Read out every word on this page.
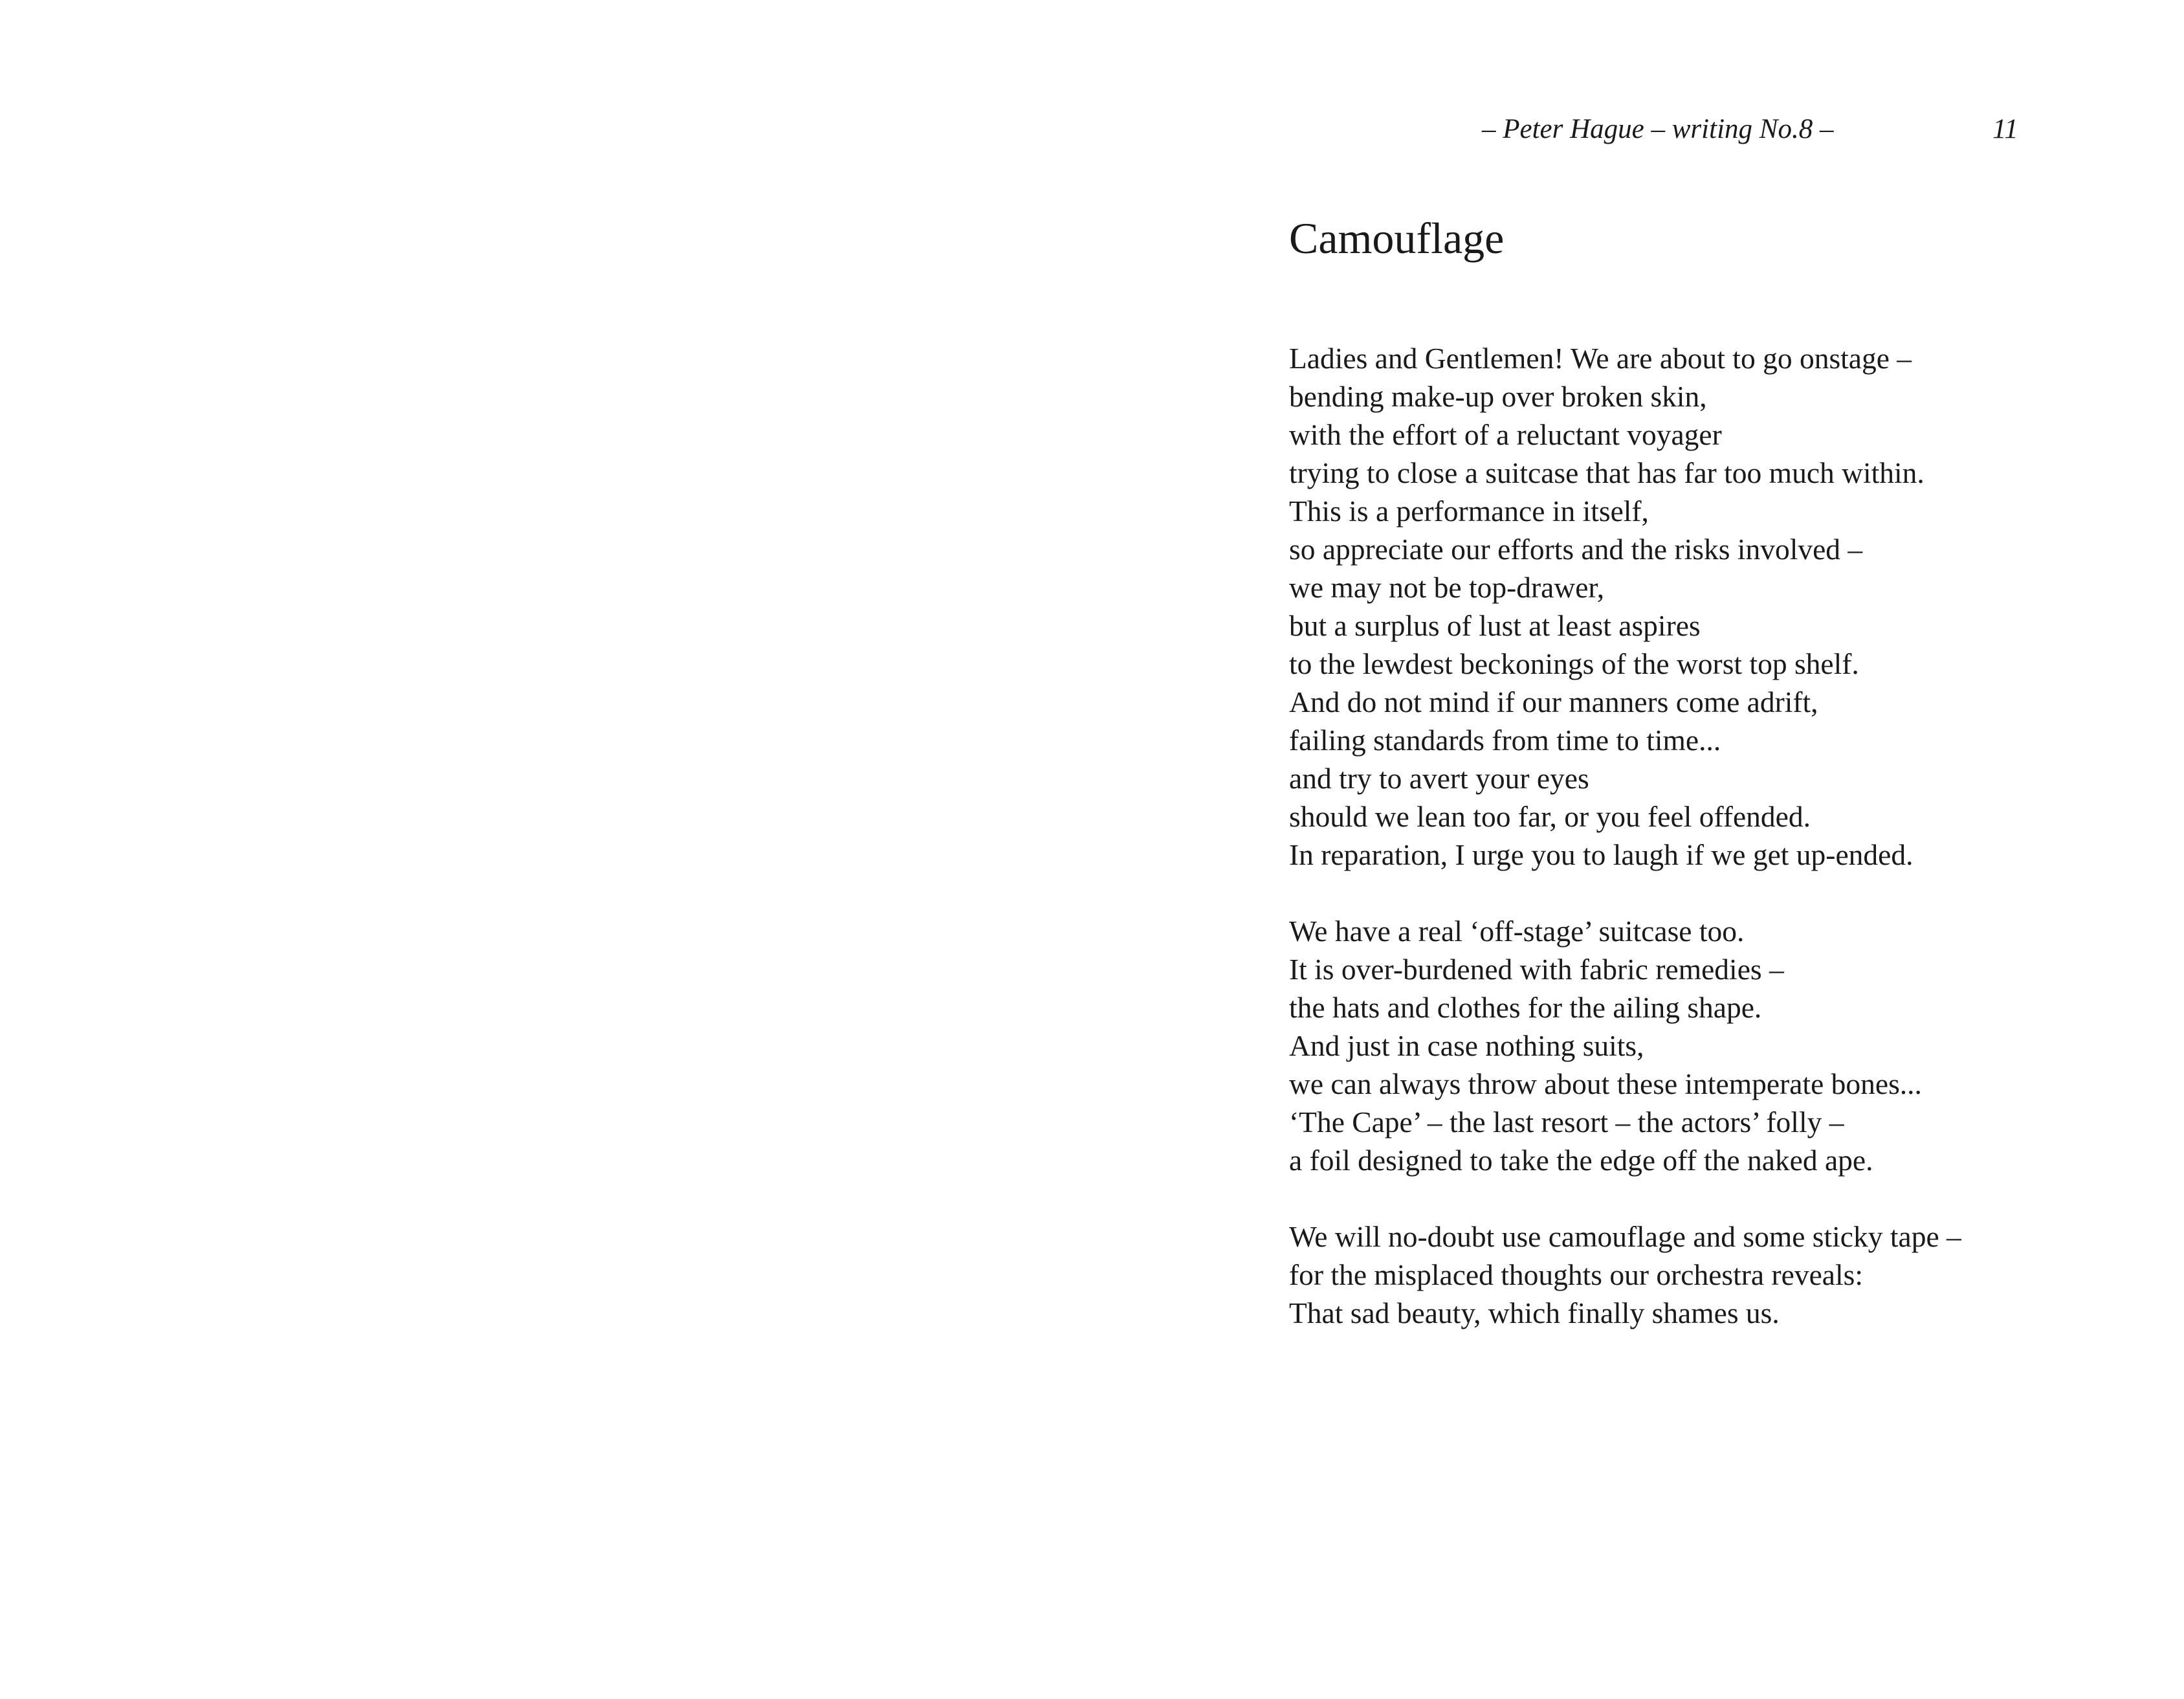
– Peter Hague – writing No.8 –	11
Camouflage
Ladies and Gentlemen! We are about to go onstage –
bending make-up over broken skin,
with the effort of a reluctant voyager
trying to close a suitcase that has far too much within.
This is a performance in itself,
so appreciate our efforts and the risks involved –
we may not be top-drawer,
but a surplus of lust at least aspires
to the lewdest beckonings of the worst top shelf.
And do not mind if our manners come adrift,
failing standards from time to time...
and try to avert your eyes
should we lean too far, or you feel offended.
In reparation, I urge you to laugh if we get up-ended.
We have a real ‘off-stage’ suitcase too.
It is over-burdened with fabric remedies –
the hats and clothes for the ailing shape.
And just in case nothing suits,
we can always throw about these intemperate bones...
‘The Cape’ – the last resort – the actors’ folly –
a foil designed to take the edge off the naked ape.
We will no-doubt use camouflage and some sticky tape –
for the misplaced thoughts our orchestra reveals:
That sad beauty, which finally shames us.
